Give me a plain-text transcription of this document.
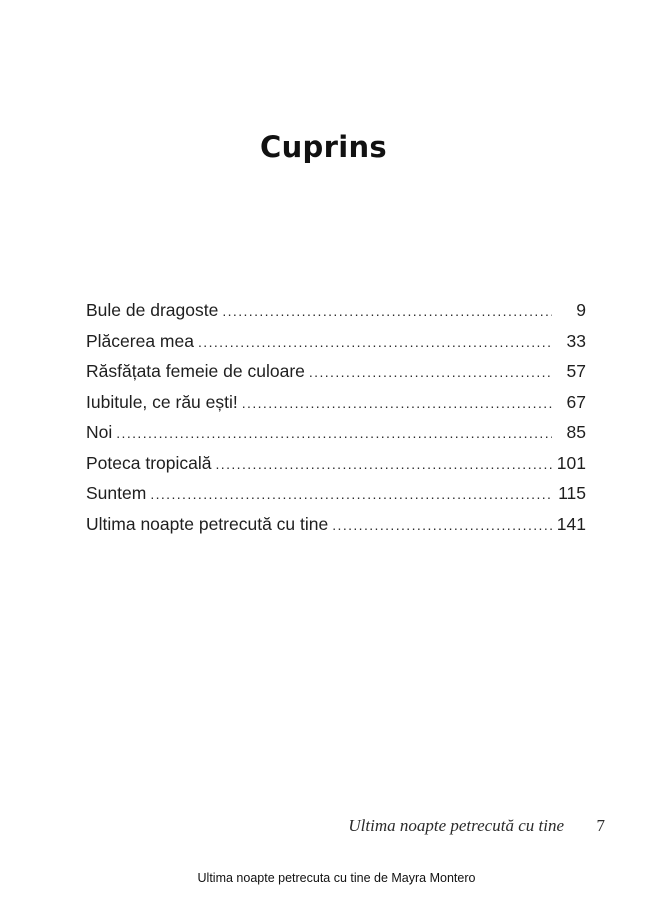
Cuprins
Bule de dragoste .....	9
Plăcerea mea .....	33
Răsfățata femeie de culoare .....	57
Iubitule, ce rău ești! .....	67
Noi .....	85
Poteca tropicală .....	101
Suntem .....	115
Ultima noapte petrecută cu tine .....	141
Ultima noapte petrecută cu tine 7
Ultima noapte petrecuta cu tine de Mayra Montero
